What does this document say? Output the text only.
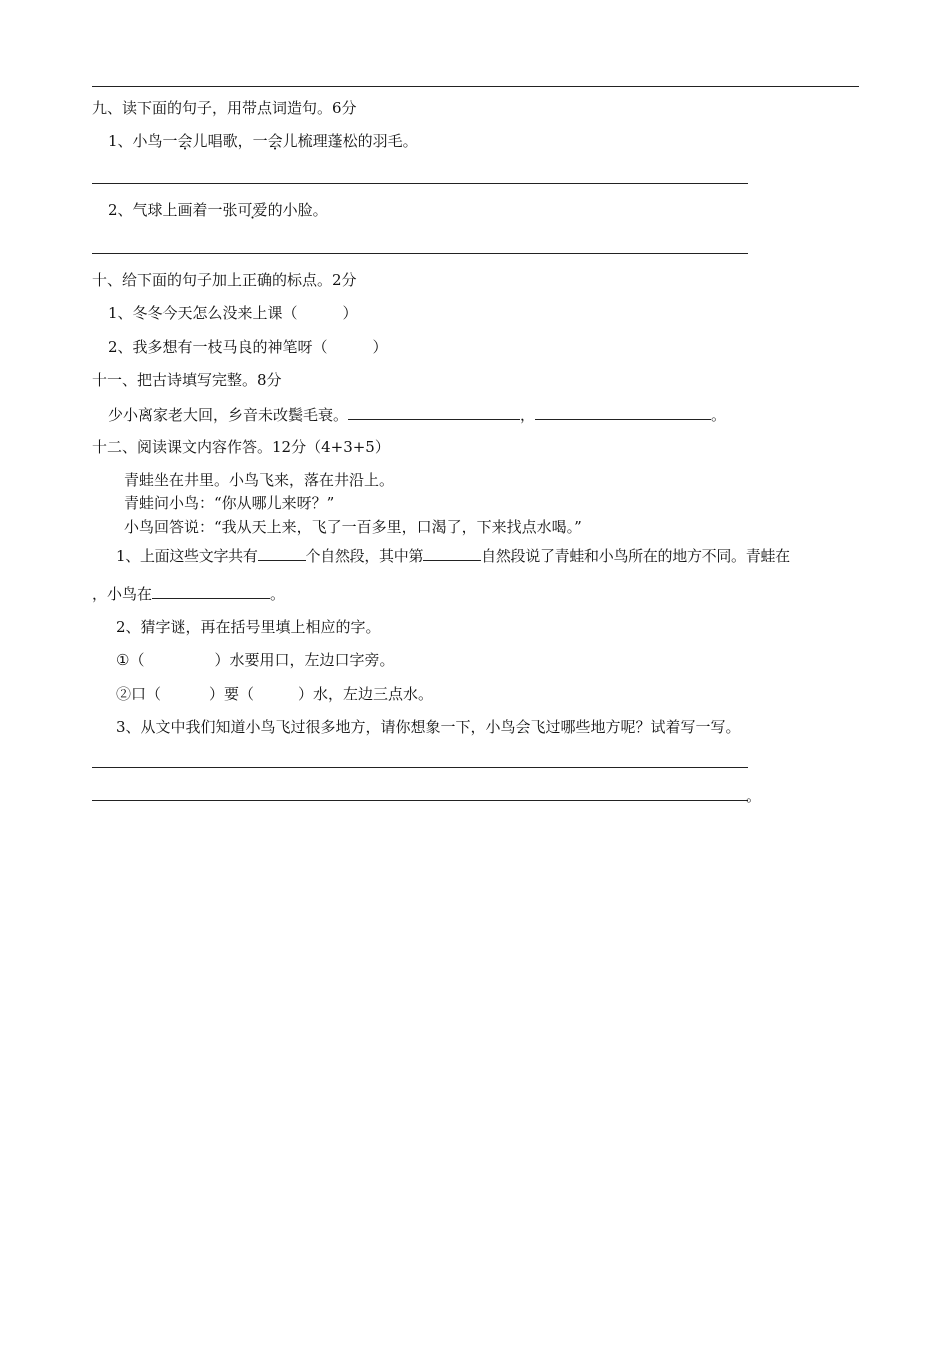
九、读下面的句子，用带点词造句。6分
1、小鸟一会儿唱歌，一会儿梳理蓬松的羽毛。
2、气球上画着一张可爱的小脸。
十、给下面的句子加上正确的标点。2分
1、冬冬今天怎么没来上课（　　　）
2、我多想有一枝马良的神笔呀（　　　）
十一、把古诗填写完整。8分
少小离家老大回，乡音未改鬓毛衰。	，	。
十二、阅读课文内容作答。12分（4+3+5）
青蛙坐在井里。小鸟飞来，落在井沿上。
青蛙问小鸟：“你从哪儿来呀？”
小鸟回答说：“我从天上来，飞了一百多里，口渴了，下来找点水喝。”
1、上面这些文字共有	个自然段，其中第	自然段说了青蛙和小鸟所在的地方不同。青蛙在
，小鸟在	。
2、猜字谜，再在括号里填上相应的字。
①（	）水要用口，左边口字旁。
②口（	）要（	）水，左边三点水。
3、从文中我们知道小鸟飞过很多地方，请你想象一下，小鸟会飞过哪些地方呢？试着写一写。
。
